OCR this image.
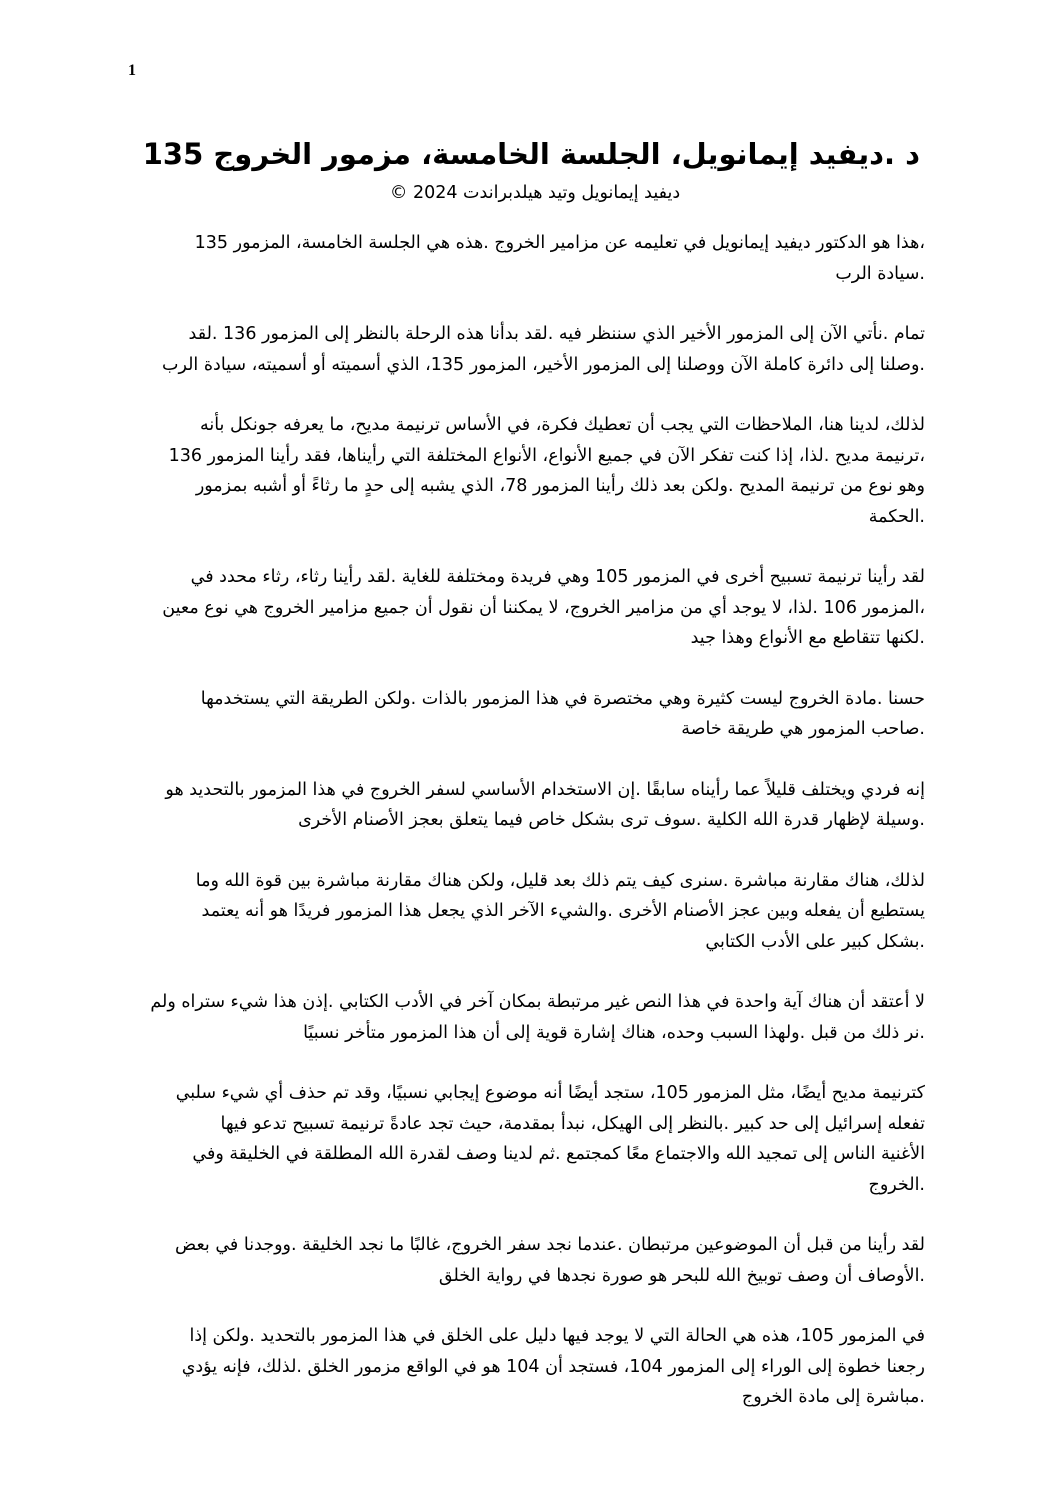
1
د .ديفيد إيمانويل، الجلسة الخامسة، مزمور الخروج 135
ديفيد إيمانويل وتيد هيلدبراندت 2024 ©

،هذا هو الدكتور ديفيد إيمانويل في تعليمه عن مزامير الخروج .هذه هي الجلسة الخامسة، المزمور 135
.سيادة الرب

تمام .نأتي الآن إلى المزمور الأخير الذي سننظر فيه .لقد بدأنا هذه الرحلة بالنظر إلى المزمور 136 .لقد
.وصلنا إلى دائرة كاملة الآن ووصلنا إلى المزمور الأخير، المزمور 135، الذي أسميته أو أسميته، سيادة الرب

لذلك، لدينا هنا، الملاحظات التي يجب أن تعطيك فكرة، في الأساس ترنيمة مديح، ما يعرفه جونكل بأنه
،ترنيمة مديح .لذا، إذا كنت تفكر الآن في جميع الأنواع، الأنواع المختلفة التي رأيناها، فقد رأينا المزمور 136
وهو نوع من ترنيمة المديح .ولكن بعد ذلك رأينا المزمور 78، الذي يشبه إلى حدٍ ما رثاءً أو أشبه بمزمور
.الحكمة

لقد رأينا ترنيمة تسبيح أخرى في المزمور 105 وهي فريدة ومختلفة للغاية .لقد رأينا رثاء، رثاء محدد في
،المزمور 106 .لذا، لا يوجد أي من مزامير الخروج، لا يمكننا أن نقول أن جميع مزامير الخروج هي نوع معين
.لكنها تتقاطع مع الأنواع وهذا جيد

حسنا .مادة الخروج ليست كثيرة وهي مختصرة في هذا المزمور بالذات .ولكن الطريقة التي يستخدمها
.صاحب المزمور هي طريقة خاصة

إنه فردي ويختلف قليلاً عما رأيناه سابقًا .إن الاستخدام الأساسي لسفر الخروج في هذا المزمور بالتحديد هو
.وسيلة لإظهار قدرة الله الكلية .سوف ترى بشكل خاص فيما يتعلق بعجز الأصنام الأخرى

لذلك، هناك مقارنة مباشرة .سنرى كيف يتم ذلك بعد قليل، ولكن هناك مقارنة مباشرة بين قوة الله وما
يستطيع أن يفعله وبين عجز الأصنام الأخرى .والشيء الآخر الذي يجعل هذا المزمور فريدًا هو أنه يعتمد
.بشكل كبير على الأدب الكتابي

لا أعتقد أن هناك آية واحدة في هذا النص غير مرتبطة بمكان آخر في الأدب الكتابي .إذن هذا شيء ستراه ولم
.نر ذلك من قبل .ولهذا السبب وحده، هناك إشارة قوية إلى أن هذا المزمور متأخر نسبيًا

كترنيمة مديح أيضًا، مثل المزمور 105، ستجد أيضًا أنه موضوع إيجابي نسبيًا، وقد تم حذف أي شيء سلبي
تفعله إسرائيل إلى حد كبير .بالنظر إلى الهيكل، نبدأ بمقدمة، حيث تجد عادةً ترنيمة تسبيح تدعو فيها
الأغنية الناس إلى تمجيد الله والاجتماع معًا كمجتمع .ثم لدينا وصف لقدرة الله المطلقة في الخليقة وفي
.الخروج

لقد رأينا من قبل أن الموضوعين مرتبطان .عندما نجد سفر الخروج، غالبًا ما نجد الخليقة .ووجدنا في بعض
.الأوصاف أن وصف توبيخ الله للبحر هو صورة نجدها في رواية الخلق

في المزمور 105، هذه هي الحالة التي لا يوجد فيها دليل على الخلق في هذا المزمور بالتحديد .ولكن إذا
رجعنا خطوة إلى الوراء إلى المزمور 104، فستجد أن 104 هو في الواقع مزمور الخلق .لذلك، فإنه يؤدي
.مباشرة إلى مادة الخروج
